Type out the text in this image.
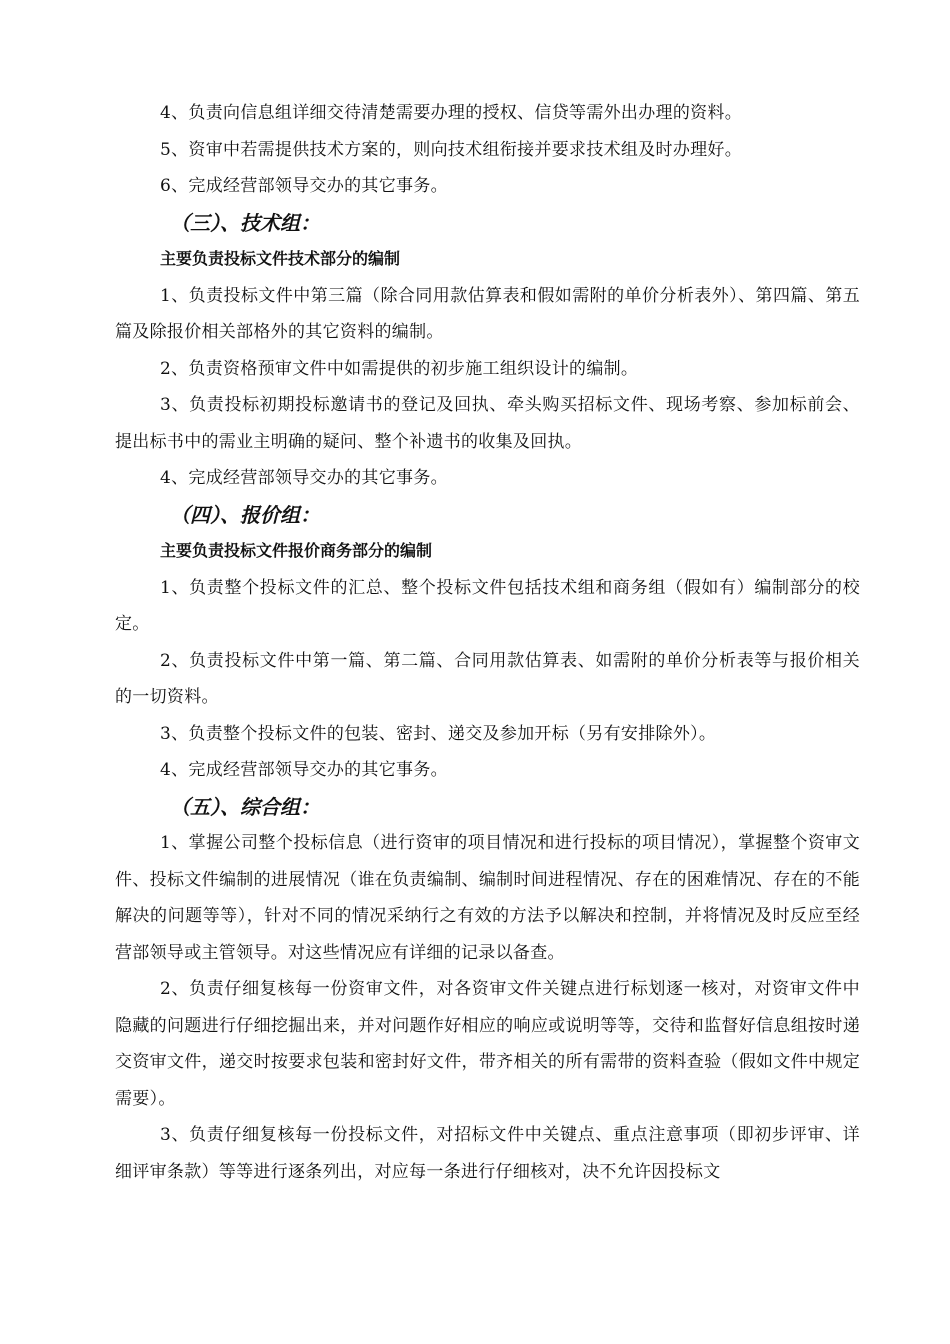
4、负责向信息组详细交待清楚需要办理的授权、信贷等需外出办理的资料。

5、资审中若需提供技术方案的，则向技术组衔接并要求技术组及时办理好。

6、完成经营部领导交办的其它事务。

（三）、技术组：

主要负责投标文件技术部分的编制

1、负责投标文件中第三篇（除合同用款估算表和假如需附的单价分析表外）、第四篇、第五篇及除报价相关部格外的其它资料的编制。

2、负责资格预审文件中如需提供的初步施工组织设计的编制。

3、负责投标初期投标邀请书的登记及回执、牵头购买招标文件、现场考察、参加标前会、提出标书中的需业主明确的疑问、整个补遗书的收集及回执。

4、完成经营部领导交办的其它事务。

（四）、报价组：

主要负责投标文件报价商务部分的编制

1、负责整个投标文件的汇总、整个投标文件包括技术组和商务组（假如有）编制部分的校定。

2、负责投标文件中第一篇、第二篇、合同用款估算表、如需附的单价分析表等与报价相关的一切资料。

3、负责整个投标文件的包装、密封、递交及参加开标（另有安排除外）。

4、完成经营部领导交办的其它事务。

（五）、综合组：

1、掌握公司整个投标信息（进行资审的项目情况和进行投标的项目情况），掌握整个资审文件、投标文件编制的进展情况（谁在负责编制、编制时间进程情况、存在的困难情况、存在的不能解决的问题等等），针对不同的情况采纳行之有效的方法予以解决和控制，并将情况及时反应至经营部领导或主管领导。对这些情况应有详细的记录以备查。

2、负责仔细复核每一份资审文件，对各资审文件关键点进行标划逐一核对，对资审文件中隐藏的问题进行仔细挖掘出来，并对问题作好相应的响应或说明等等，交待和监督好信息组按时递交资审文件，递交时按要求包装和密封好文件，带齐相关的所有需带的资料查验（假如文件中规定需要）。

3、负责仔细复核每一份投标文件，对招标文件中关键点、重点注意事项（即初步评审、详细评审条款）等等进行逐条列出，对应每一条进行仔细核对，决不允许因投标文
